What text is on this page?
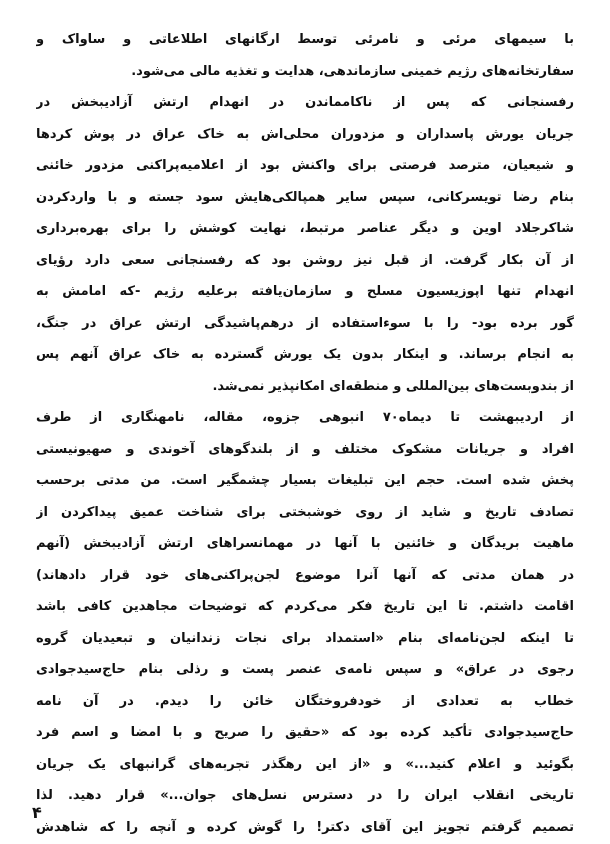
با سیمهای مرئی و نامرئی توسط ارگانهای اطلاعاتی و ساواک و
سفارتخانه‌های رژیم خمینی سازماندهی، هدایت و تغذیه مالی می‌شود.
رفسنجانی که پس از ناکامماندن در انهدام ارتش آزادیبخش در
جریان یورش پاسداران و مزدوران محلی‌اش به خاک عراق در پوش کردها
و شیعیان، مترصد فرصتی برای واکنش بود از اعلامیه‌پراکنی مزدور خائنی
بنام رضا تویسرکانی، سپس سایر همپالکی‌هایش سود جسته و با واردکردن
شاکرجلاد اوین و دیگر عناصر مرتبط، نهایت کوشش را برای بهره‌برداری
از آن بکار گرفت. از قبل نیز روشن بود که رفسنجانی سعی دارد رؤیای
انهدام تنها اپوزیسیون مسلح و سازمان‌یافته برعلیه رژیم -که امامش به
گور برده بود- را با سوءاستفاده از درهم‌پاشیدگی ارتش عراق در جنگ،
به انجام برساند. و اینکار بدون یک یورش گسترده به خاک عراق آنهم پس
از بندوبست‌های بین‌المللی و منطقه‌ای امکانپذیر نمی‌شد.
از اردیبهشت تا دیماه۷۰ انبوهی جزوه، مقاله، نامهنگاری از طرف
افراد و جریانات مشکوک مختلف و از بلندگوهای آخوندی و صهیونیستی
پخش شده است. حجم این تبلیغات بسیار چشمگیر است. من مدتی برحسب
تصادف تاریخ و شاید از روی خوشبختی برای شناخت عمیق پیداکردن از
ماهیت بریدگان و خائنین با آنها در مهمانسراهای ارتش آزادیبخش (آنهم
در همان مدتی که آنها آنرا موضوع لجن‌پراکنی‌های خود قرار دادهاند)
اقامت داشتم. تا این تاریخ فکر می‌کردم که توضیحات مجاهدین کافی باشد
تا اینکه لجن‌نامه‌ای بنام «استمداد برای نجات زندانیان و تبعیدیان گروه
رجوی در عراق» و سپس نامه‌ی عنصر پست و رذلی بنام حاج‌سیدجوادی
خطاب به تعدادی از خودفروختگان خائن را دیدم. در آن نامه
حاج‌سیدجوادی تأکید کرده بود که «حقیق را صریح و با امضا و اسم فرد
بگوئید و اعلام کنید...» و «از این رهگذر تجربه‌های گرانبهای یک جریان
تاریخی انقلاب ایران را در دسترس نسل‌های جوان...» قرار دهید. لذا
تصمیم گرفتم تجویز این آقای دکتر! را گوش کرده و آنچه را که شاهدش
۴
